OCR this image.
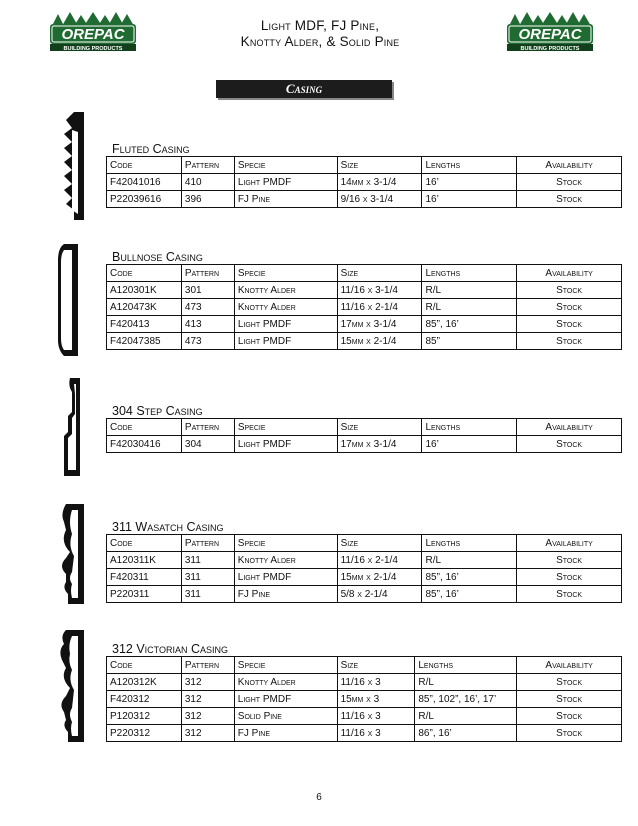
OREPAC
BUILDING PRODUCTS
Light MDF, FJ Pine,
Knotty Alder, & Solid Pine	OREPAC
BUILDING PRODUCTS
Casing
Fluted Casing
Code	Pattern	Specie	Size	Lengths	Availability
F42041016	410	Light PMDF	14mm x 3-1/4	16’	Stock
P22039616	396	FJ Pine	9/16 x 3-1/4	16’	Stock
Bullnose Casing
Code	Pattern	Specie	Size	Lengths	Availability
A120301K	301	Knotty Alder	11/16 x 3-1/4	R/L	Stock
A120473K	473	Knotty Alder	11/16 x 2-1/4	R/L	Stock
F420413	413	Light PMDF	17mm x 3-1/4	85”, 16’	Stock
F42047385	473	Light PMDF	15mm x 2-1/4	85”	Stock
304 Step Casing
Code	Pattern	Specie	Size	Lengths	Availability
F42030416	304	Light PMDF	17mm x 3-1/4	16’	Stock
311 Wasatch Casing
Code	Pattern	Specie	Size	Lengths	Availability
A120311K	311	Knotty Alder	11/16 x 2-1/4	R/L	Stock
F420311	311	Light PMDF	15mm x 2-1/4	85”, 16’	Stock
P220311	311	FJ Pine	5/8 x 2-1/4	85”, 16’	Stock
312 Victorian Casing
Code	Pattern	Specie	Size	Lengths	Availability
A120312K	312	Knotty Alder	11/16 x 3	R/L	Stock
F420312	312	Light PMDF	15mm x 3	85”, 102”, 16’, 17’	Stock
P120312	312	Solid Pine	11/16 x 3	R/L	Stock
P220312	312	FJ Pine	11/16 x 3	86”, 16’	Stock
6
